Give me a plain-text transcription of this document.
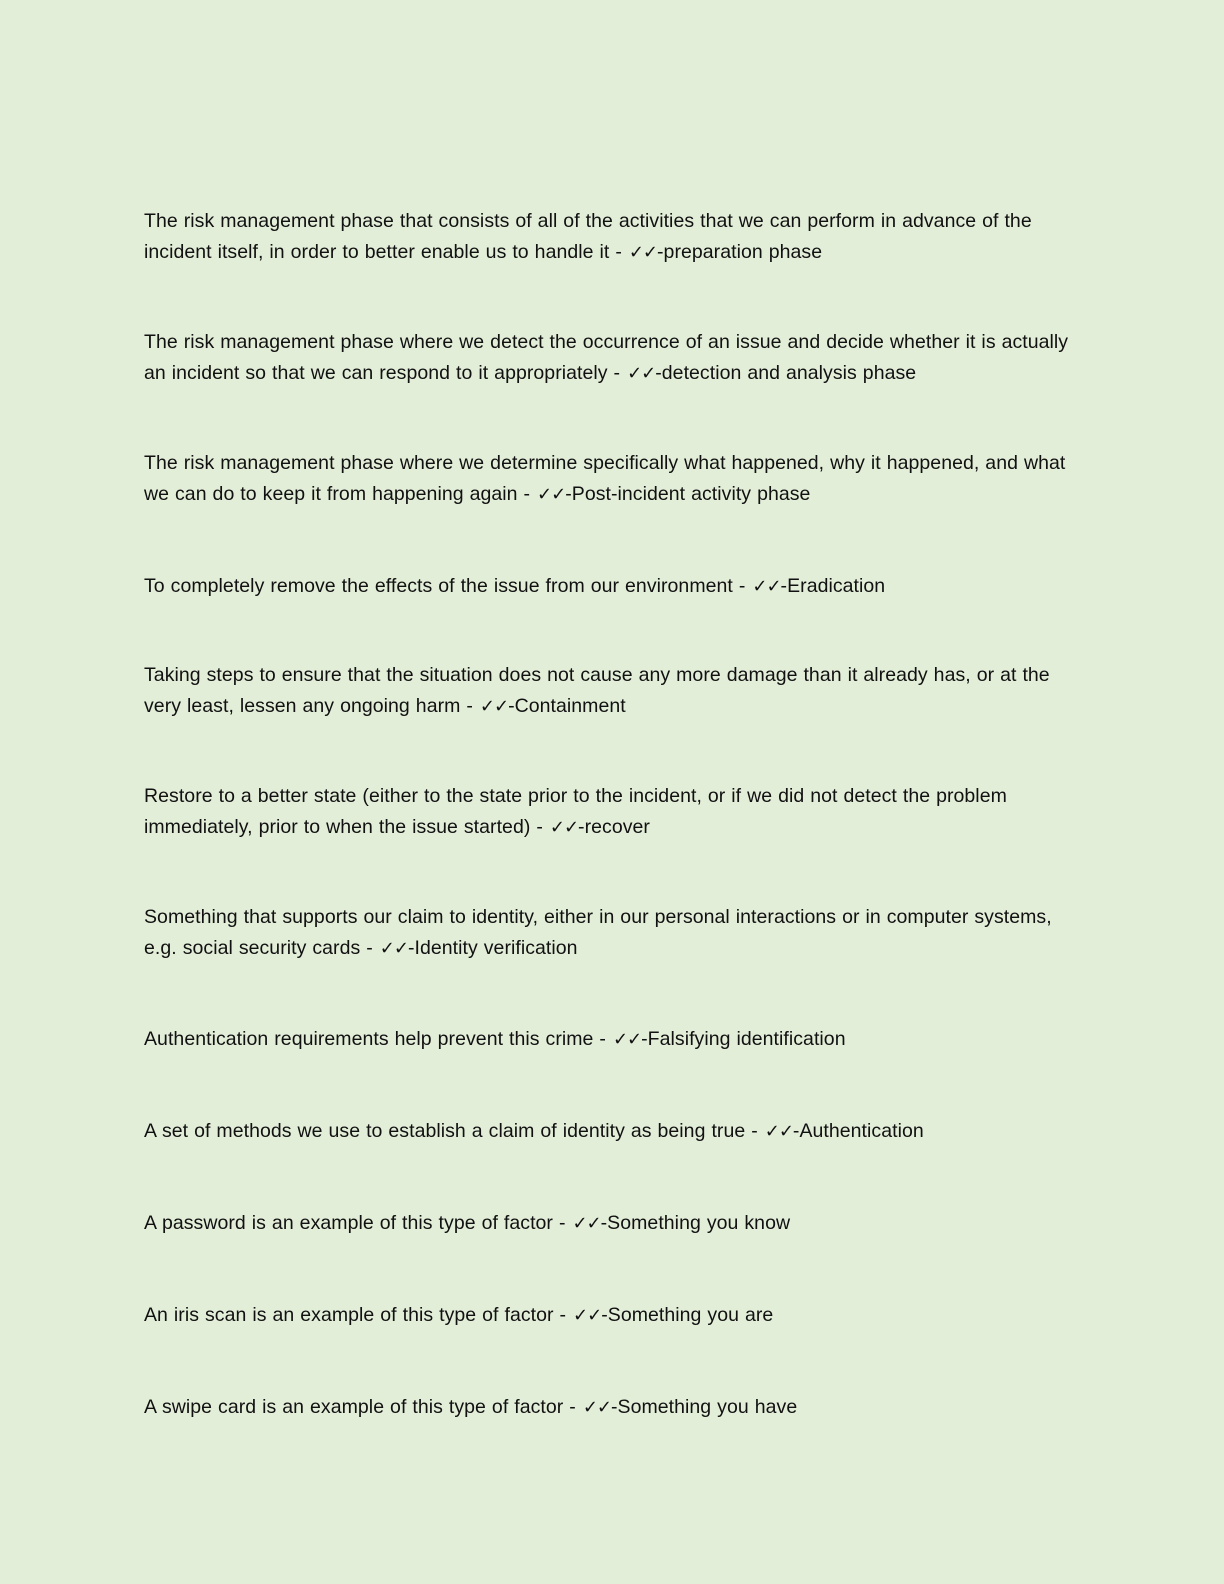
The risk management phase that consists of all of the activities that we can perform in advance of the incident itself, in order to better enable us to handle it - ✓✓-preparation phase

The risk management phase where we detect the occurrence of an issue and decide whether it is actually an incident so that we can respond to it appropriately - ✓✓-detection and analysis phase

The risk management phase where we determine specifically what happened, why it happened, and what we can do to keep it from happening again - ✓✓-Post-incident activity phase

To completely remove the effects of the issue from our environment - ✓✓-Eradication

Taking steps to ensure that the situation does not cause any more damage than it already has, or at the very least, lessen any ongoing harm - ✓✓-Containment

Restore to a better state (either to the state prior to the incident, or if we did not detect the problem immediately, prior to when the issue started) - ✓✓-recover

Something that supports our claim to identity, either in our personal interactions or in computer systems, e.g. social security cards - ✓✓-Identity verification

Authentication requirements help prevent this crime - ✓✓-Falsifying identification

A set of methods we use to establish a claim of identity as being true - ✓✓-Authentication

A password is an example of this type of factor - ✓✓-Something you know

An iris scan is an example of this type of factor - ✓✓-Something you are

A swipe card is an example of this type of factor - ✓✓-Something you have
